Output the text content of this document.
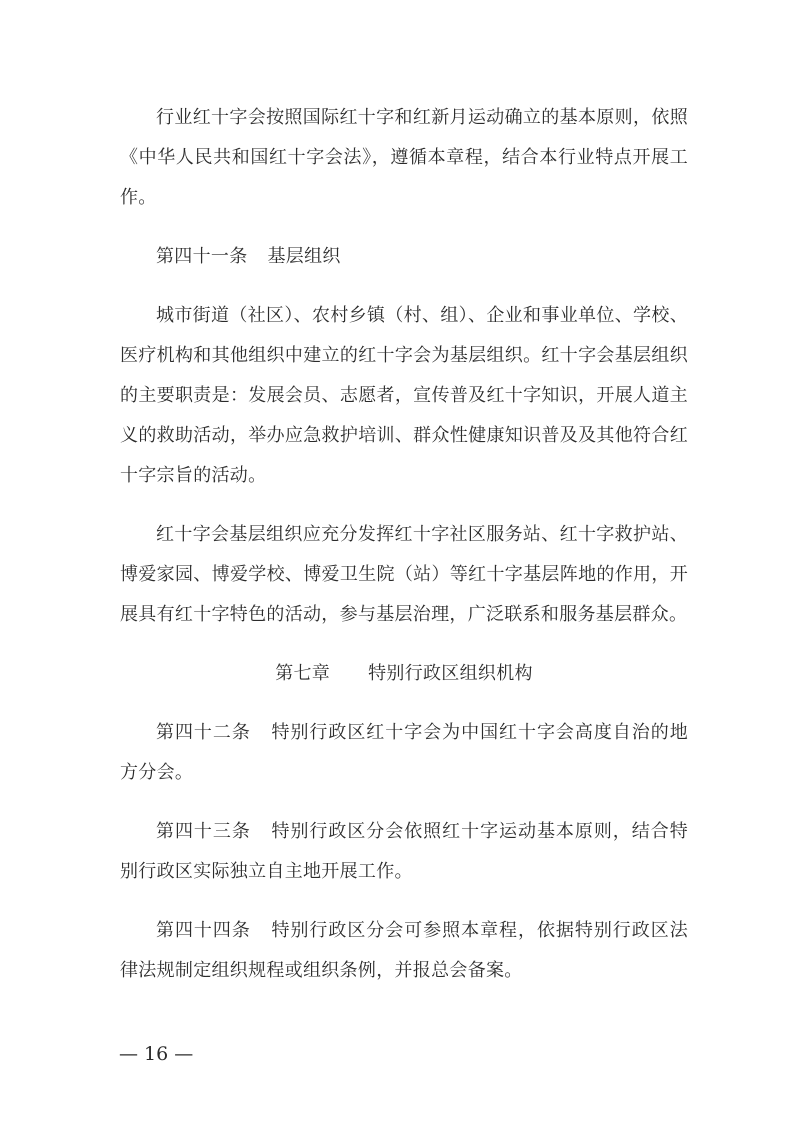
行业红十字会按照国际红十字和红新月运动确立的基本原则，依照《中华人民共和国红十字会法》，遵循本章程，结合本行业特点开展工作。

第四十一条 基层组织

城市街道（社区）、农村乡镇（村、组）、企业和事业单位、学校、医疗机构和其他组织中建立的红十字会为基层组织。红十字会基层组织的主要职责是：发展会员、志愿者，宣传普及红十字知识，开展人道主义的救助活动，举办应急救护培训、群众性健康知识普及及其他符合红十字宗旨的活动。

红十字会基层组织应充分发挥红十字社区服务站、红十字救护站、博爱家园、博爱学校、博爱卫生院（站）等红十字基层阵地的作用，开展具有红十字特色的活动，参与基层治理，广泛联系和服务基层群众。

第七章 特别行政区组织机构

第四十二条 特别行政区红十字会为中国红十字会高度自治的地方分会。

第四十三条 特别行政区分会依照红十字运动基本原则，结合特别行政区实际独立自主地开展工作。

第四十四条 特别行政区分会可参照本章程，依据特别行政区法律法规制定组织规程或组织条例，并报总会备案。

— 16 —
